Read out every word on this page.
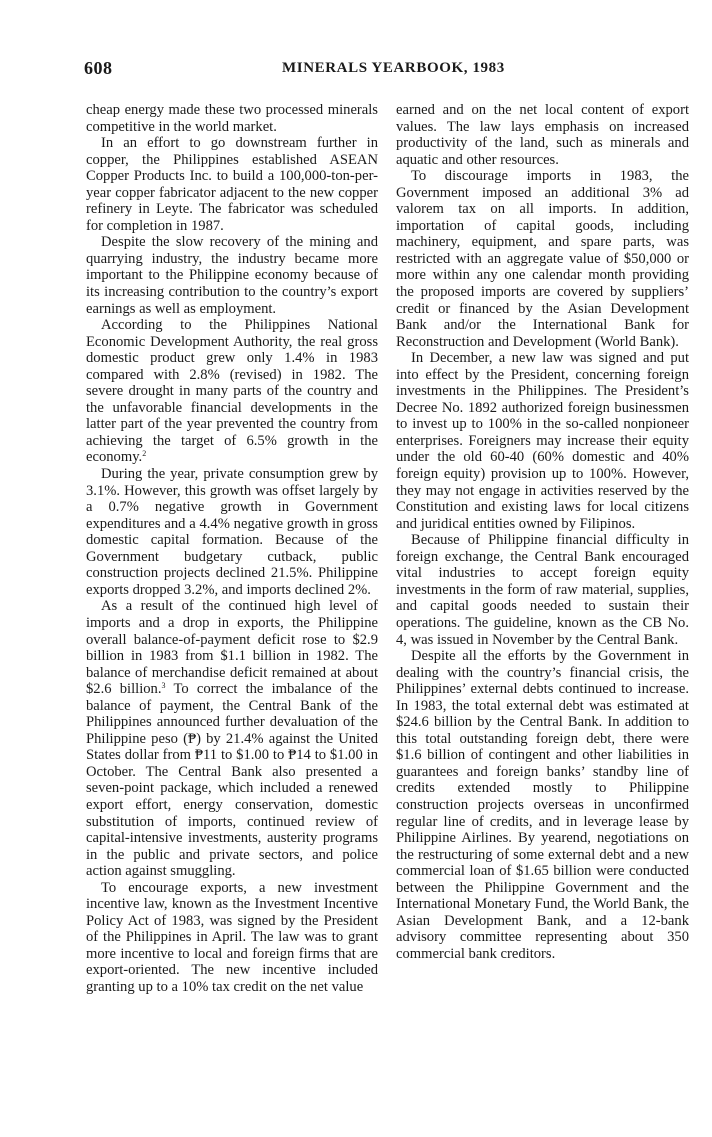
608	MINERALS YEARBOOK, 1983

cheap energy made these two processed minerals competitive in the world market.

In an effort to go downstream further in copper, the Philippines established ASEAN Copper Products Inc. to build a 100,000-ton-per-year copper fabricator adjacent to the new copper refinery in Leyte. The fabricator was scheduled for completion in 1987.

Despite the slow recovery of the mining and quarrying industry, the industry became more important to the Philippine economy because of its increasing contribution to the country’s export earnings as well as employment.

According to the Philippines National Economic Development Authority, the real gross domestic product grew only 1.4% in 1983 compared with 2.8% (revised) in 1982. The severe drought in many parts of the country and the unfavorable financial developments in the latter part of the year prevented the country from achieving the target of 6.5% growth in the economy.$^2$

During the year, private consumption grew by 3.1%. However, this growth was offset largely by a 0.7% negative growth in Government expenditures and a 4.4% negative growth in gross domestic capital formation. Because of the Government budgetary cutback, public construction projects declined 21.5%. Philippine exports dropped 3.2%, and imports declined 2%.

As a result of the continued high level of imports and a drop in exports, the Philippine overall balance-of-payment deficit rose to $2.9 billion in 1983 from $1.1 billion in 1982. The balance of merchandise deficit remained at about $2.6 billion.$^3$ To correct the imbalance of the balance of payment, the Central Bank of the Philippines announced further devaluation of the Philippine peso (₱) by 21.4% against the United States dollar from ₱11 to $1.00 to ₱14 to $1.00 in October. The Central Bank also presented a seven-point package, which included a renewed export effort, energy conservation, domestic substitution of imports, continued review of capital-intensive investments, austerity programs in the public and private sectors, and police action against smuggling.

To encourage exports, a new investment incentive law, known as the Investment Incentive Policy Act of 1983, was signed by the President of the Philippines in April. The law was to grant more incentive to local and foreign firms that are export-oriented. The new incentive included granting up to a 10% tax credit on the net value

earned and on the net local content of export values. The law lays emphasis on increased productivity of the land, such as minerals and aquatic and other resources.

To discourage imports in 1983, the Government imposed an additional 3% ad valorem tax on all imports. In addition, importation of capital goods, including machinery, equipment, and spare parts, was restricted with an aggregate value of $50,000 or more within any one calendar month providing the proposed imports are covered by suppliers’ credit or financed by the Asian Development Bank and/or the International Bank for Reconstruction and Development (World Bank).

In December, a new law was signed and put into effect by the President, concerning foreign investments in the Philippines. The President’s Decree No. 1892 authorized foreign businessmen to invest up to 100% in the so-called nonpioneer enterprises. Foreigners may increase their equity under the old 60-40 (60% domestic and 40% foreign equity) provision up to 100%. However, they may not engage in activities reserved by the Constitution and existing laws for local citizens and juridical entities owned by Filipinos.

Because of Philippine financial difficulty in foreign exchange, the Central Bank encouraged vital industries to accept foreign equity investments in the form of raw material, supplies, and capital goods needed to sustain their operations. The guideline, known as the CB No. 4, was issued in November by the Central Bank.

Despite all the efforts by the Government in dealing with the country’s financial crisis, the Philippines’ external debts continued to increase. In 1983, the total external debt was estimated at $24.6 billion by the Central Bank. In addition to this total outstanding foreign debt, there were $1.6 billion of contingent and other liabilities in guarantees and foreign banks’ standby line of credits extended mostly to Philippine construction projects overseas in unconfirmed regular line of credits, and in leverage lease by Philippine Airlines. By yearend, negotiations on the restructuring of some external debt and a new commercial loan of $1.65 billion were conducted between the Philippine Government and the International Monetary Fund, the World Bank, the Asian Development Bank, and a 12-bank advisory committee representing about 350 commercial bank creditors.
